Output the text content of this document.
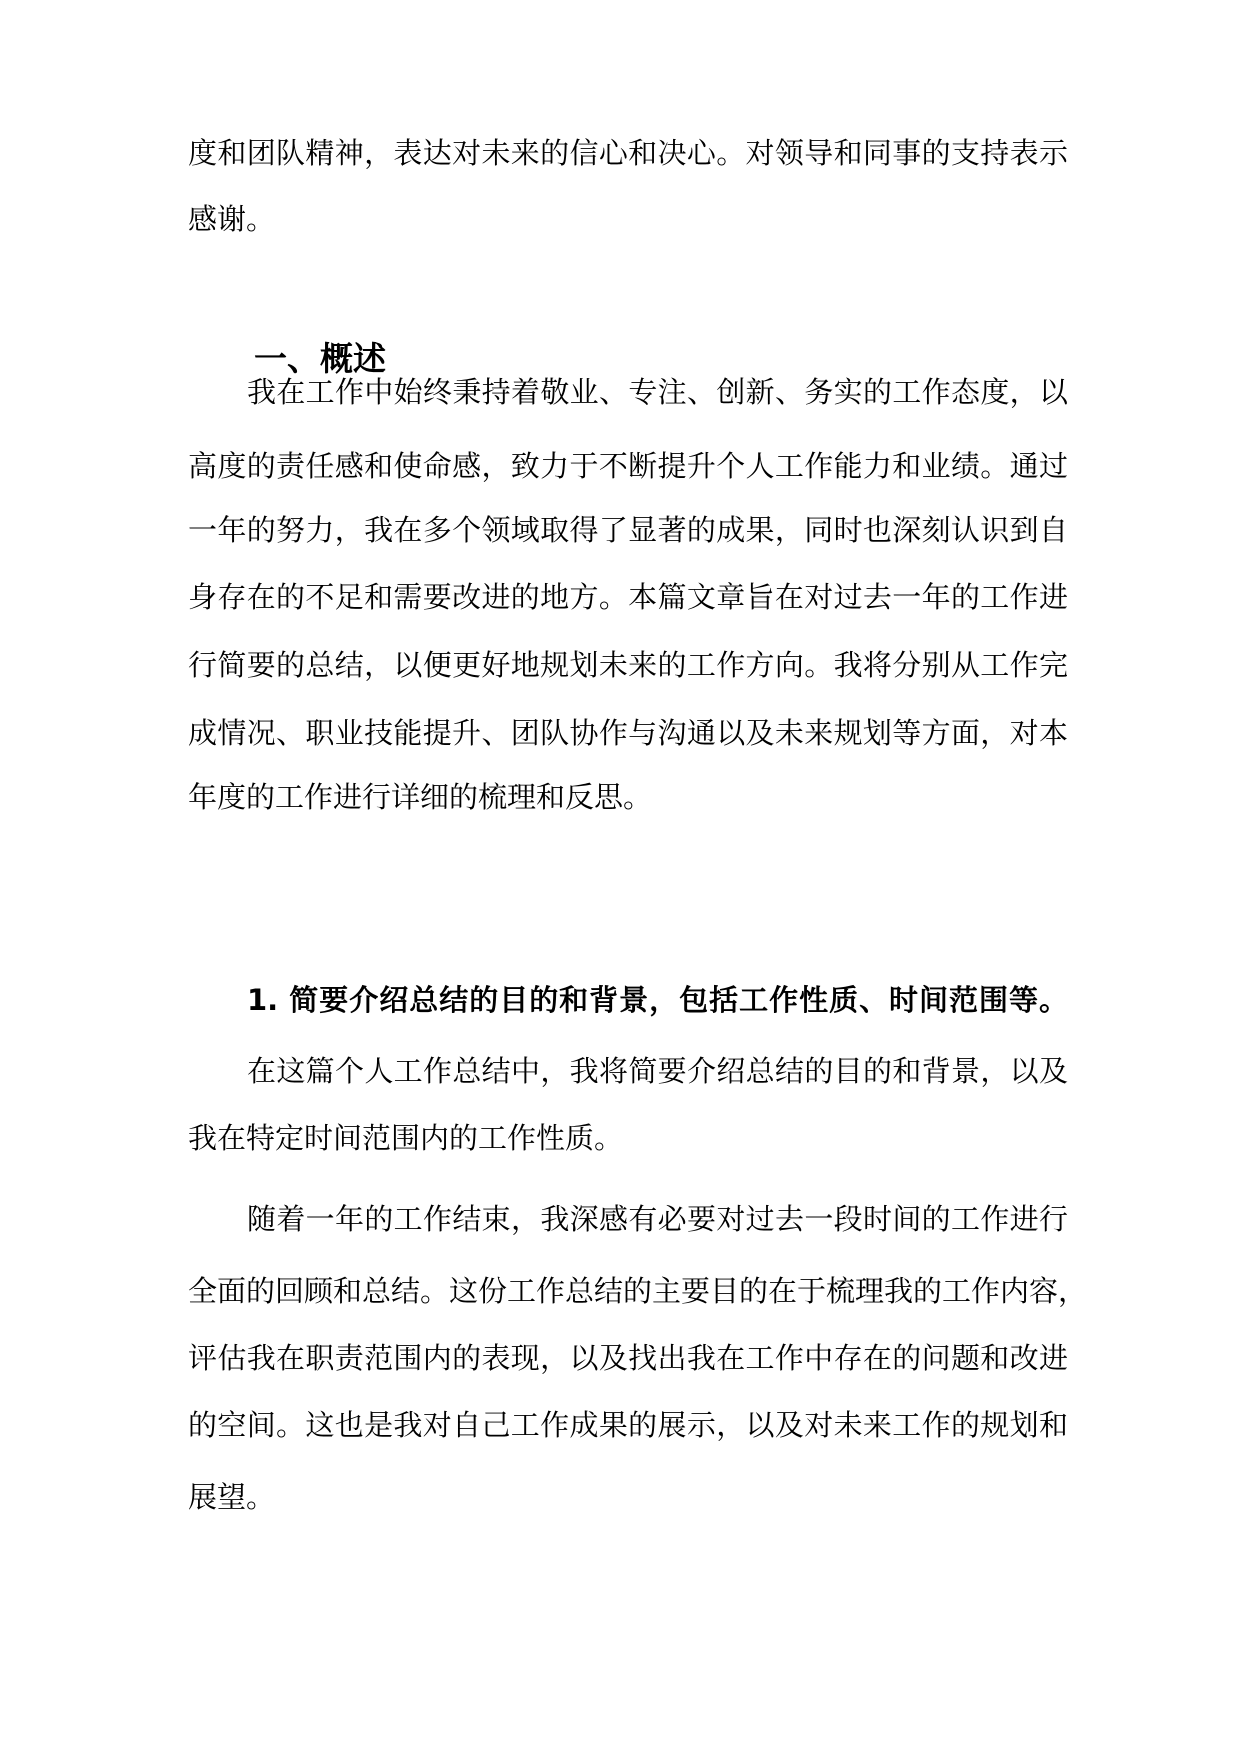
度和团队精神，表达对未来的信心和决心。对领导和同事的支持表示
感谢。
一、概述
我在工作中始终秉持着敬业、专注、创新、务实的工作态度，以
高度的责任感和使命感，致力于不断提升个人工作能力和业绩。通过
一年的努力，我在多个领域取得了显著的成果，同时也深刻认识到自
身存在的不足和需要改进的地方。本篇文章旨在对过去一年的工作进
行简要的总结，以便更好地规划未来的工作方向。我将分别从工作完
成情况、职业技能提升、团队协作与沟通以及未来规划等方面，对本
年度的工作进行详细的梳理和反思。
1. 简要介绍总结的目的和背景，包括工作性质、时间范围等。
在这篇个人工作总结中，我将简要介绍总结的目的和背景，以及
我在特定时间范围内的工作性质。
随着一年的工作结束，我深感有必要对过去一段时间的工作进行
全面的回顾和总结。这份工作总结的主要目的在于梳理我的工作内容，
评估我在职责范围内的表现，以及找出我在工作中存在的问题和改进
的空间。这也是我对自己工作成果的展示，以及对未来工作的规划和
展望。
